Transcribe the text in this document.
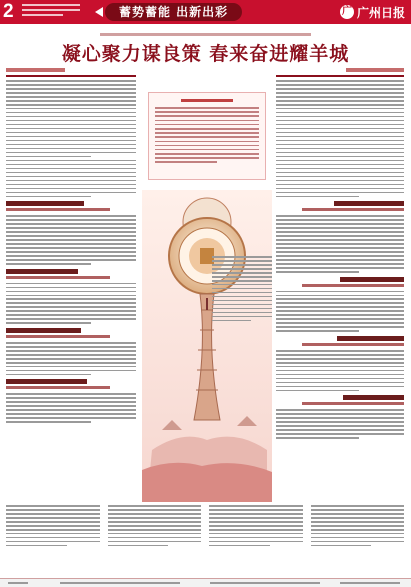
2	蓄势蓄能 出新出彩	广 广州日报
凝心聚力谋良策 春来奋进耀羊城
